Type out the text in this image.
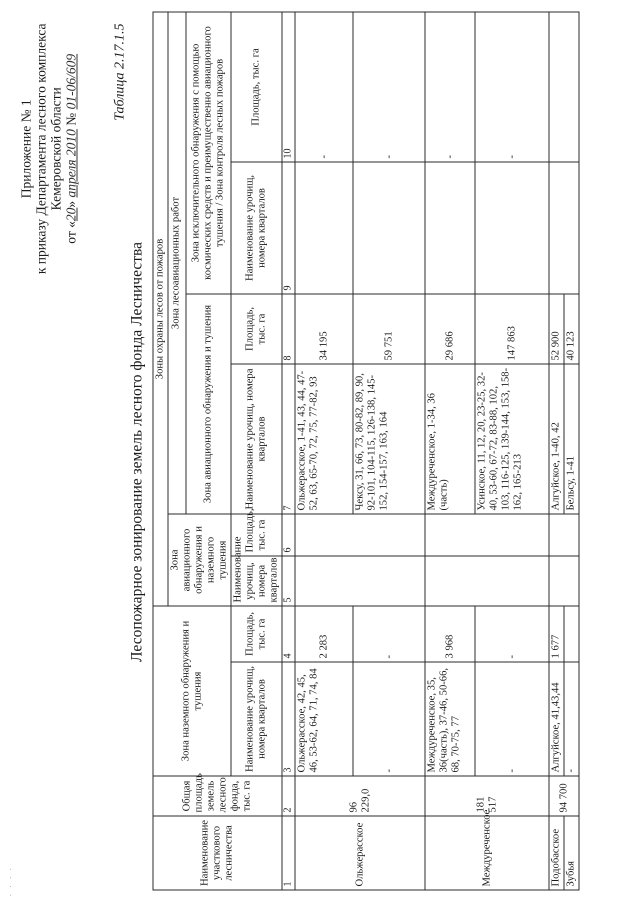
· · · ·
Приложение № 1 к приказу Департамента лесного комплекса Кемеровской области
от «20» апреля 2010 № 01-06/609 Таблица 2.17.1.5
Лесопожарное зонирование земель лесного фонда Лесничества
Наименование участкового лесничества	Общая площадь земель лесного фонда, тыс. га	Зона наземного обнаружения и тушения		Зоны охраны лесов от пожаров					
				Зона авиационного обнаружения и наземного тушения		Зона лесоавиационных работ			
						Зона авиационного обнаружения и тушения		Зона исключительного обнаружения с помощью космических средств и преимущественно авиационного тушения / Зона контроля лесных пожаров	
		Наименование урочищ, номера кварталов	Площадь, тыс. га	Наименование урочищ, номера кварталов	Площадь, тыс. га	Наименование урочищ, номера кварталов	Площадь, тыс. га	Наименование урочищ, номера кварталов	Площадь, тыс. га
1	2	3	4	5	6	7	8	9	10
Ольжерасское	96 229,0	Ольжерасское, 42, 45, 46, 53-62, 64, 71, 74, 84	2 283			Ольжерасское, 1-41, 43, 44, 47-52, 63, 65-70, 72, 75, 77-82, 93	34 195		-
		-	-			Чексу, 31, 66, 73, 80-82, 89, 90, 92-101, 104-115, 126-138, 145-152, 154-157, 163, 164	59 751		-
Междуреченское	181 517	Междуреченское, 35, 36(часть), 37-46, 50-66, 68, 70-75, 77	3 968			Междуреченское, 1-34, 36 (часть)	29 686		-
		-	-			Усинское, 11, 12, 20, 23-25, 32-40, 53-60, 67-72, 83-88, 102, 103, 116-125, 139-144, 153, 158-162, 165-213	147 863		-
Подобасское	94 700	Алгуйское, 41,43,44	1 677			Алгуйское, 1-40, 42	52 900		
Зубья		-				Бельсу, 1-41	40 123		
